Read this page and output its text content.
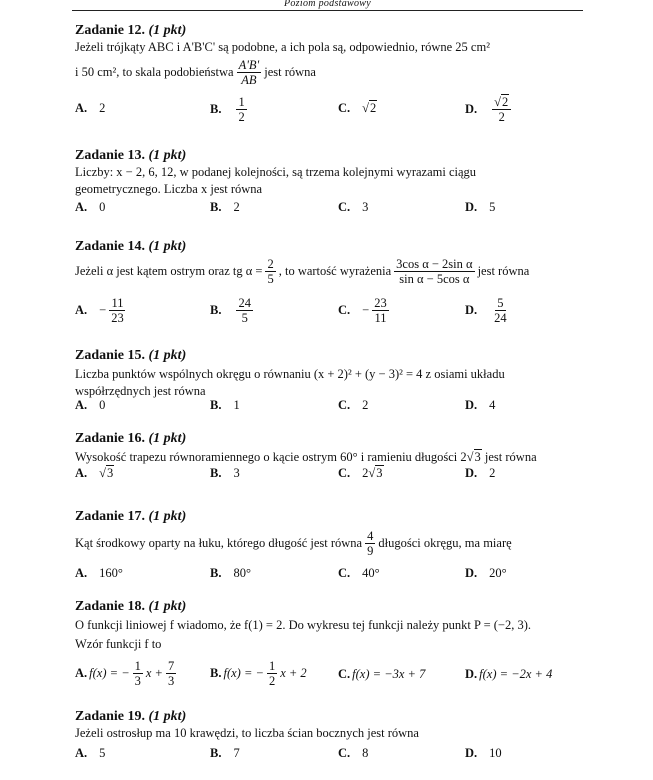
$^{Poziom podstawowy}$
Zadanie 12. (1 pkt)
Jeżeli trójkąty ABC i A'B'C' są podobne, a ich pola są, odpowiednio, równe 25 cm²
i 50 cm², to skala podobieństwa $\frac{A'B'}{AB}$ jest równa
A. 2	B. $\frac{1}{2}$	C. √2	D. $\frac{√2}{2}$
Zadanie 13. (1 pkt)
Liczby: x − 2, 6, 12, w podanej kolejności, są trzema kolejnymi wyrazami ciągu
geometrycznego. Liczba x jest równa
A. 0	B. 2	C. 3	D. 5
Zadanie 14. (1 pkt)
Jeżeli α jest kątem ostrym oraz tg $\alpha = \frac{2}{5}$ , to wartość wyrażenia $\frac{\text{3cos α − 2sin α}}{\text{sin α − 5cos α}}$ jest równa
A. − $\frac{11}{23}$	B. $\frac{24}{5}$	C. − $\frac{23}{11}$	D. $\frac{5}{24}$
Zadanie 15. (1 pkt)
Liczba punktów wspólnych okręgu o równaniu (x + 2)² + (y − 3)² = 4 z osiami układu
współrzędnych jest równa
A. 0	B. 1	C. 2	D. 4
Zadanie 16. (1 pkt)
Wysokość trapezu równoramiennego o kącie ostrym 60° i ramieniu długości 2√3 jest równa
A. √3	B. 3	C. 2 √3	D. 2
Zadanie 17. (1 pkt)
Kąt środkowy oparty na łuku, którego długość jest równa $\frac{4}{9}$ długości okręgu, ma miarę
A. 160°	B. 80°	C. 40°	D. 20°
Zadanie 18. (1 pkt)
O funkcji liniowej f wiadomo, że f(1) = 2. Do wykresu tej funkcji należy punkt P = (−2, 3).
Wzór funkcji f to
A. f(x) = − $\frac{1}{3}$ $x + \frac{7}{3}$	B. f(x) = − $\frac{1}{2}$ x + 2	C. f(x) = −3x + 7	D. f(x) = −2x + 4
Zadanie 19. (1 pkt)
Jeżeli ostrosłup ma 10 krawędzi, to liczba ścian bocznych jest równa
A. 5	B. 7	C. 8	D. 10
